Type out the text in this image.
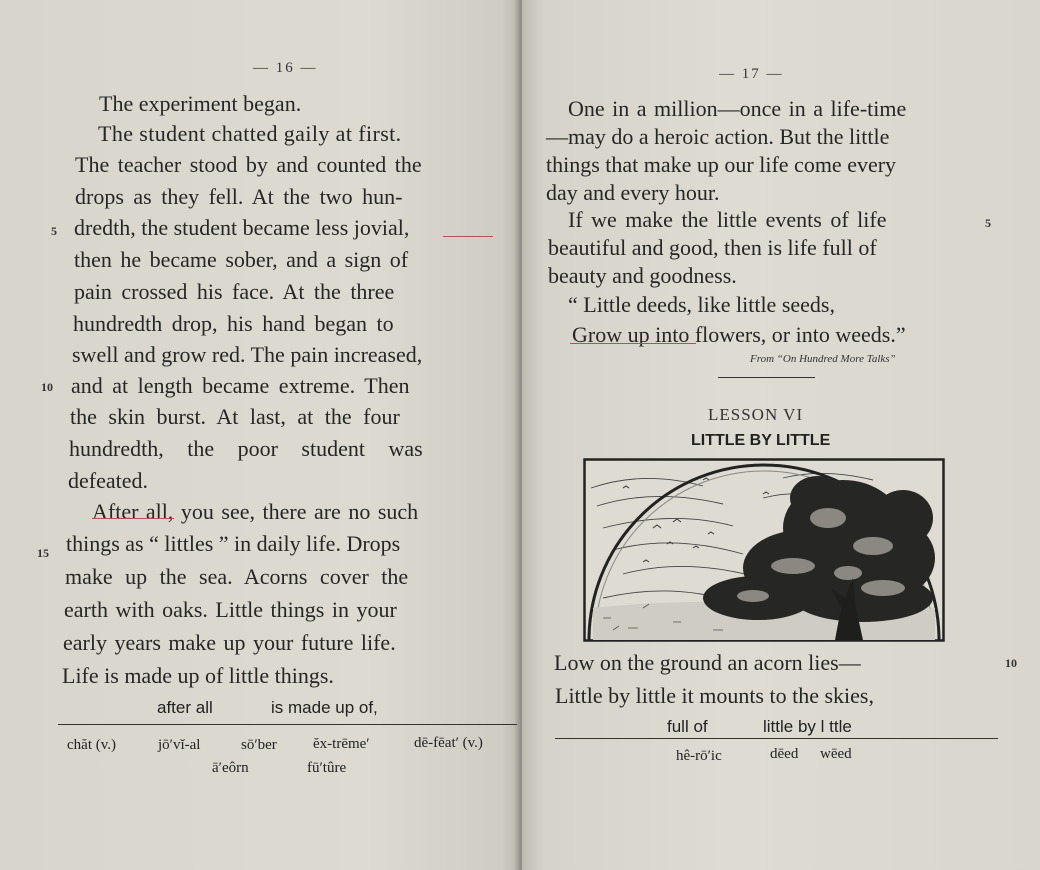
— 16 —
The experiment began.
The student chatted gaily at first.
The teacher stood by and counted the
drops as they fell. At the two hun-
dredth, the student became less jovial,
then he became sober, and a sign of
pain crossed his face. At the three
hundredth drop, his hand began to
swell and grow red. The pain increased,
and at length became extreme. Then
the skin burst. At last, at the four
hundredth, the poor student was
defeated.
After all, you see, there are no such
things as “ littles ” in daily life. Drops
make up the sea. Acorns cover the
earth with oaks. Little things in your
early years make up your future life.
Life is made up of little things.
5
10
15
after all	is made up of,
chăt (v.)	jō′vĭ-al	sō′ber ĕx-trēme′	dē-fēat′ (v.)
ā′eôrn	fū′tûre
— 17 —
One in a million—once in a life-time
—may do a heroic action. But the little
things that make up our life come every
day and every hour.
If we make the little events of life
beautiful and good, then is life full of
beauty and goodness.
“ Little deeds, like little seeds,
Grow up into flowers, or into weeds.”
From “On Hundred More Talks”
LESSON VI
LITTLE BY LITTLE
Low on the ground an acorn lies—
Little by little it mounts to the skies,
5
10
full of	little by l ttle
hê-rō′ic	dēed wēed
